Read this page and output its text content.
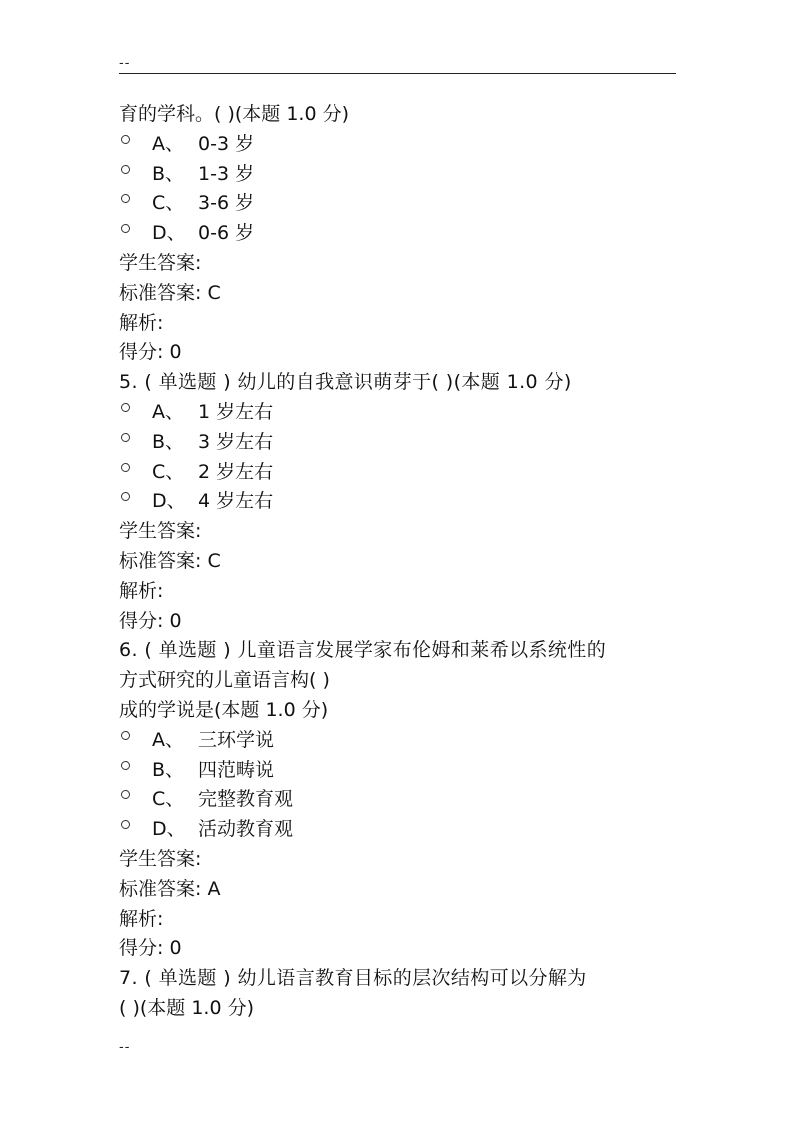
--
育的学科。( )(本题 1.0 分)
A、 0-3 岁
B、 1-3 岁
C、 3-6 岁
D、 0-6 岁
学生答案:
标准答案: C
解析:
得分: 0
5. ( 单选题 ) 幼儿的自我意识萌芽于( )(本题 1.0 分)
A、 1 岁左右
B、 3 岁左右
C、 2 岁左右
D、 4 岁左右
学生答案:
标准答案: C
解析:
得分: 0
6. ( 单选题 ) 儿童语言发展学家布伦姆和莱希以系统性的
方式研究的儿童语言构( )
成的学说是(本题 1.0 分)
A、 三环学说
B、 四范畴说
C、 完整教育观
D、 活动教育观
学生答案:
标准答案: A
解析:
得分: 0
7. ( 单选题 ) 幼儿语言教育目标的层次结构可以分解为
( )(本题 1.0 分)
--
